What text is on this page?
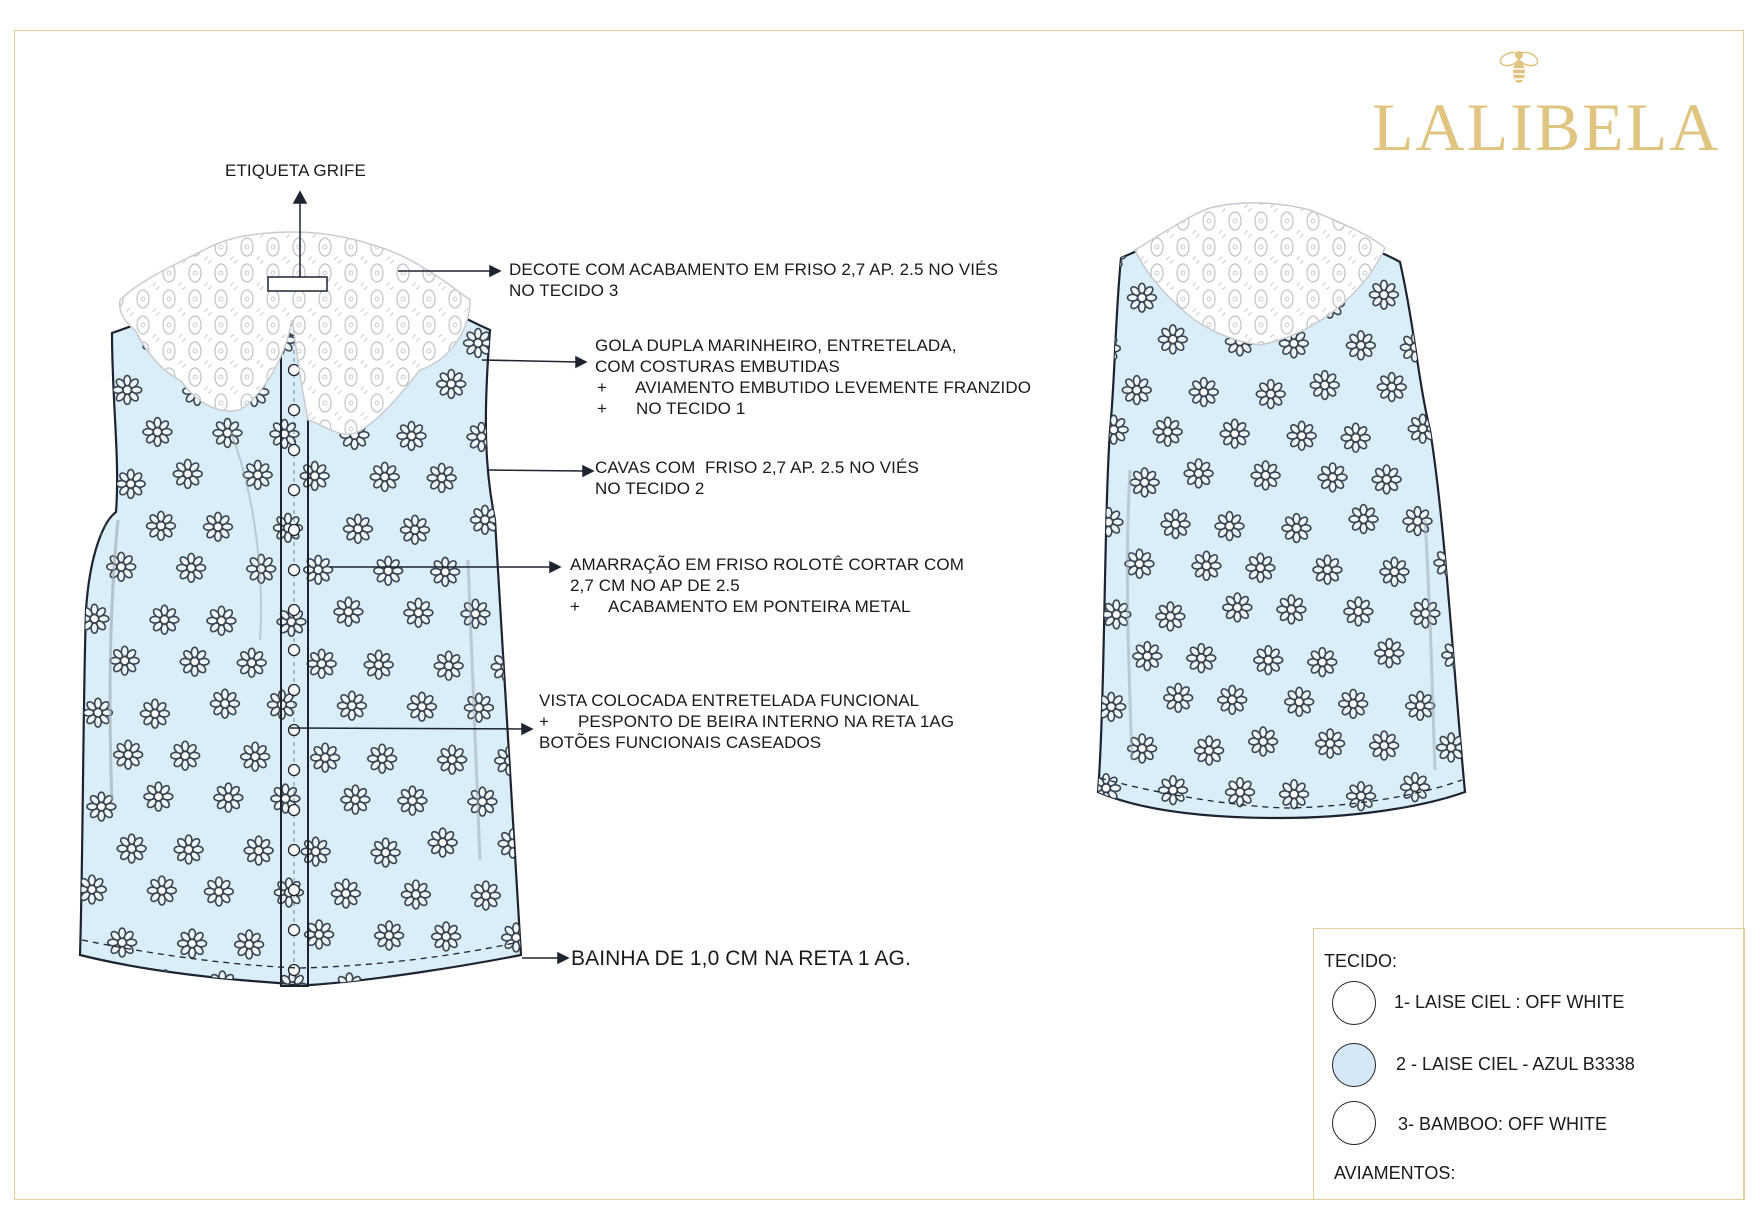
LALIBELA
ETIQUETA GRIFE
DECOTE COM ACABAMENTO EM FRISO 2,7 AP. 2.5 NO VIÉS
NO TECIDO 3
GOLA DUPLA MARINHEIRO, ENTRETELADA,
COM COSTURAS EMBUTIDAS
+      AVIAMENTO EMBUTIDO LEVEMENTE FRANZIDO
+      NO TECIDO 1
CAVAS COM  FRISO 2,7 AP. 2.5 NO VIÉS
NO TECIDO 2
AMARRAÇÃO EM FRISO ROLOTÊ CORTAR COM
2,7 CM NO AP DE 2.5
+      ACABAMENTO EM PONTEIRA METAL
VISTA COLOCADA ENTRETELADA FUNCIONAL
+      PESPONTO DE BEIRA INTERNO NA RETA 1AG
BOTÕES FUNCIONAIS CASEADOS
BAINHA DE 1,0 CM NA RETA 1 AG.	TECIDO:
1- LAISE CIEL : OFF WHITE
2 - LAISE CIEL - AZUL B3338
3- BAMBOO: OFF WHITE
AVIAMENTOS:
